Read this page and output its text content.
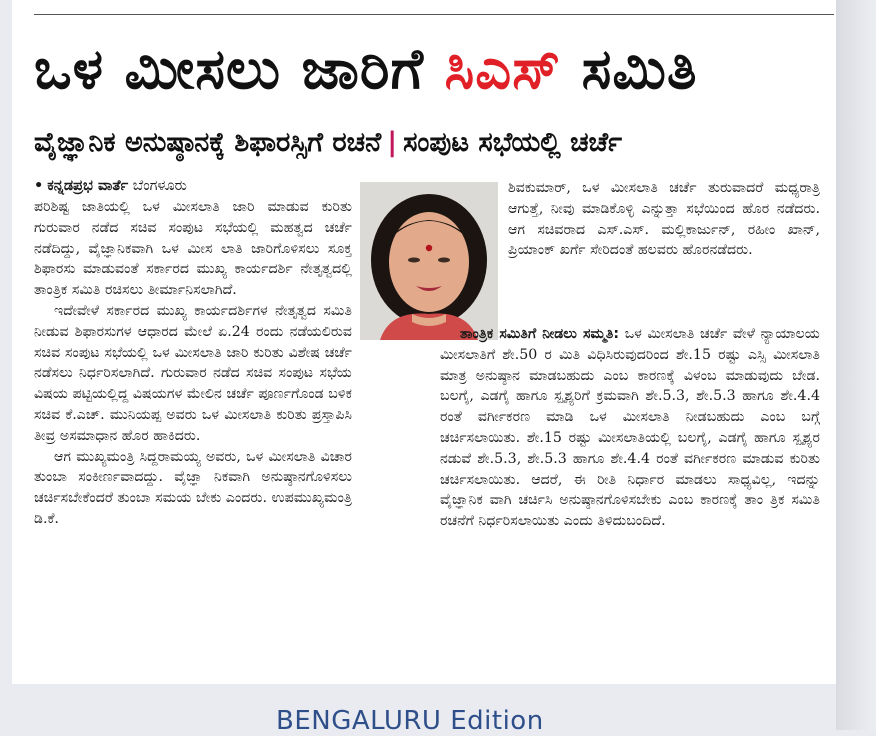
ಒಳ ಮೀಸಲು ಜಾರಿಗೆ ಸಿಎಸ್ ಸಮಿತಿ
ವೈಜ್ಞಾನಿಕ ಅನುಷ್ಠಾನಕ್ಕೆ ಶಿಫಾರಸ್ಸಿಗೆ ರಚನೆ | ಸಂಪುಟ ಸಭೆಯಲ್ಲಿ ಚರ್ಚೆ

• ಕನ್ನಡಪ್ರಭ ವಾರ್ತೆ ಬೆಂಗಳೂರು

ಪರಿಶಿಷ್ಟ ಜಾತಿಯಲ್ಲಿ ಒಳ ಮೀಸಲಾತಿ ಜಾರಿ ಮಾಡುವ ಕುರಿತು ಗುರುವಾರ ನಡೆದ ಸಚಿವ ಸಂಪುಟ ಸಭೆಯಲ್ಲಿ ಮಹತ್ವದ ಚರ್ಚೆ ನಡೆದಿದ್ದು, ವೈಜ್ಞಾನಿಕವಾಗಿ ಒಳ ಮೀಸ ಲಾತಿ ಜಾರಿಗೊಳಿಸಲು ಸೂಕ್ತ ಶಿಫಾರಸು ಮಾಡುವಂತೆ ಸರ್ಕಾರದ ಮುಖ್ಯ ಕಾರ್ಯದರ್ಶಿ ನೇತೃತ್ವದಲ್ಲಿ ತಾಂತ್ರಿಕ ಸಮಿತಿ ರಚಿಸಲು ತೀರ್ಮಾನಿಸಲಾಗಿದೆ.

ಇದೇವೇಳೆ ಸರ್ಕಾರದ ಮುಖ್ಯ ಕಾರ್ಯದರ್ಶಿಗಳ ನೇತೃತ್ವದ ಸಮಿತಿ ನೀಡುವ ಶಿಫಾರಸುಗಳ ಆಧಾರದ ಮೇಲೆ ಏ.24 ರಂದು ನಡೆಯಲಿರುವ ಸಚಿವ ಸಂಪುಟ ಸಭೆಯಲ್ಲಿ ಒಳ ಮೀಸಲಾತಿ ಜಾರಿ ಕುರಿತು ವಿಶೇಷ ಚರ್ಚೆ ನಡೆಸಲು ನಿರ್ಧರಿಸಲಾಗಿದೆ. ಗುರುವಾರ ನಡೆದ ಸಚಿವ ಸಂಪುಟ ಸಭೆಯ ವಿಷಯ ಪಟ್ಟಿಯಲ್ಲಿದ್ದ ವಿಷಯಗಳ ಮೇಲಿನ ಚರ್ಚೆ ಪೂರ್ಣಗೊಂಡ ಬಳಿಕ ಸಚಿವ ಕೆ.ಎಚ್. ಮುನಿಯಪ್ಪ ಅವರು ಒಳ ಮೀಸಲಾತಿ ಕುರಿತು ಪ್ರಸ್ತಾಪಿಸಿ ತೀವ್ರ ಅಸಮಾಧಾನ ಹೊರ ಹಾಕಿದರು.

ಆಗ ಮುಖ್ಯಮಂತ್ರಿ ಸಿದ್ದರಾಮಯ್ಯ ಅವರು, ಒಳ ಮೀಸಲಾತಿ ವಿಚಾರ ತುಂಬಾ ಸಂಕೀರ್ಣವಾದದ್ದು. ವೈಜ್ಞಾ ನಿಕವಾಗಿ ಅನುಷ್ಠಾನಗೊಳಿಸಲು ಚರ್ಚಿಸಬೇಕೆಂದರೆ ತುಂಬಾ ಸಮಯ ಬೇಕು ಎಂದರು. ಉಪಮುಖ್ಯಮಂತ್ರಿ ಡಿ.ಕೆ.

ಶಿವಕುಮಾರ್, ಒಳ ಮೀಸಲಾತಿ ಚರ್ಚೆ ತುರುವಾದರೆ ಮಧ್ಯರಾತ್ರಿ ಆಗುತ್ತೆ, ನೀವು ಮಾಡಿಕೊಳ್ಳಿ ಎನ್ನುತ್ತಾ ಸಭೆಯಿಂದ ಹೊರ ನಡೆದರು. ಆಗ ಸಚಿವರಾದ ಎಸ್.ಎಸ್. ಮಲ್ಲಿಕಾರ್ಜುನ್, ರಹೀಂ ಖಾನ್, ಪ್ರಿಯಾಂಕ್ ಖರ್ಗೆ ಸೇರಿದಂತೆ ಹಲವರು ಹೊರನಡೆದರು.

ತಾಂತ್ರಿಕ ಸಮಿತಿಗೆ ನೀಡಲು ಸಮ್ಮತಿ: ಒಳ ಮೀಸಲಾತಿ ಚರ್ಚೆ ವೇಳೆ ನ್ಯಾಯಾಲಯ ಮೀಸಲಾತಿಗೆ ಶೇ.50 ರ ಮಿತಿ ವಿಧಿಸಿರುವುದರಿಂದ ಶೇ.15 ರಷ್ಟು ಎಸ್ಸಿ ಮೀಸಲಾತಿ ಮಾತ್ರ ಅನುಷ್ಠಾನ ಮಾಡಬಹುದು ಎಂಬ ಕಾರಣಕ್ಕೆ ವಿಳಂಬ ಮಾಡುವುದು ಬೇಡ. ಬಲಗೈ, ಎಡಗೈ ಹಾಗೂ ಸ್ಪೃಶ್ಯರಿಗೆ ಕ್ರಮವಾಗಿ ಶೇ.5.3, ಶೇ.5.3 ಹಾಗೂ ಶೇ.4.4 ರಂತೆ ವರ್ಗೀಕರಣ ಮಾಡಿ ಒಳ ಮೀಸಲಾತಿ ನೀಡಬಹುದು ಎಂಬ ಬಗ್ಗೆ ಚರ್ಚಿಸಲಾಯಿತು. ಶೇ.15 ರಷ್ಟು ಮೀಸಲಾತಿಯಲ್ಲಿ ಬಲಗೈ, ಎಡಗೈ ಹಾಗೂ ಸ್ಪೃಶ್ಯರ ನಡುವೆ ಶೇ.5.3, ಶೇ.5.3 ಹಾಗೂ ಶೇ.4.4 ರಂತೆ ವರ್ಗೀಕರಣ ಮಾಡುವ ಕುರಿತು ಚರ್ಚಿಸಲಾಯಿತು. ಆದರೆ, ಈ ರೀತಿ ನಿರ್ಧಾರ ಮಾಡಲು ಸಾಧ್ಯವಿಲ್ಲ, ಇದನ್ನು ವೈಜ್ಞಾನಿಕ ವಾಗಿ ಚರ್ಚಿಸಿ ಅನುಷ್ಠಾನಗೊಳಿಸಬೇಕು ಎಂಬ ಕಾರಣಕ್ಕೆ ತಾಂ ತ್ರಿಕ ಸಮಿತಿ ರಚನೆಗೆ ನಿರ್ಧರಿಸಲಾಯಿತು ಎಂದು ತಿಳಿದುಬಂದಿದೆ.

BENGALURU Edition
